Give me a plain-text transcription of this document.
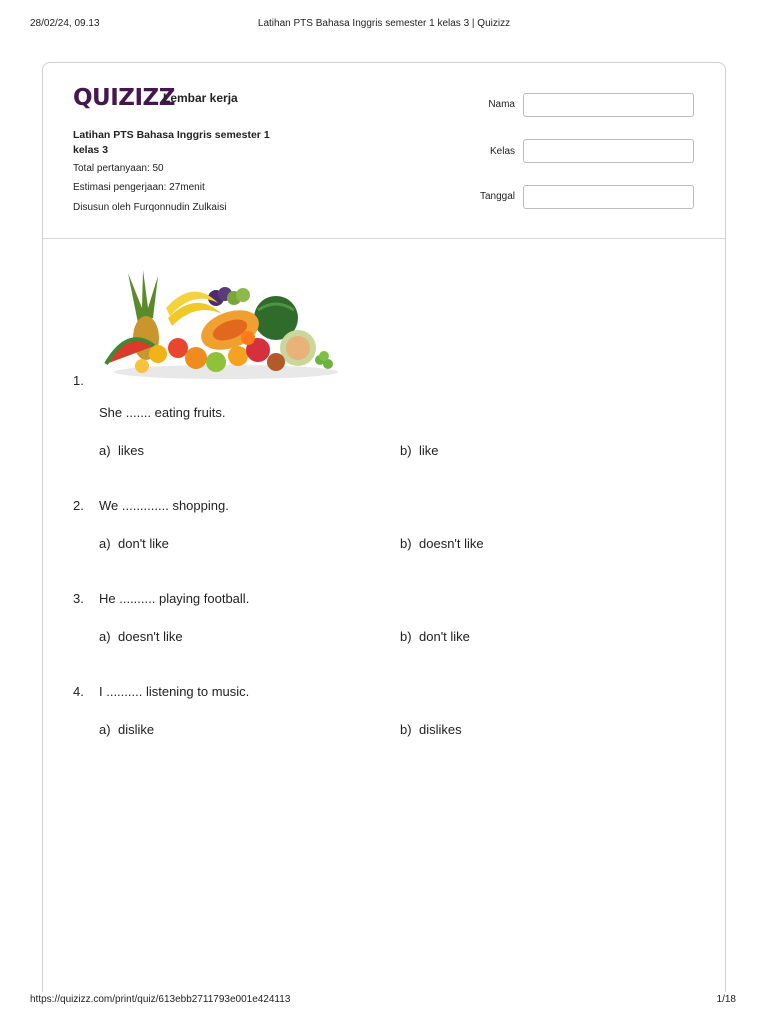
28/02/24, 09.13	Latihan PTS Bahasa Inggris semester 1 kelas 3 | Quizizz
QUIZIZZ
Lembar kerja
Latihan PTS Bahasa Inggris semester 1 kelas 3
Total pertanyaan: 50
Estimasi pengerjaan: 27menit
Disusun oleh Furqonnudin Zulkaisi
Nama
Kelas
Tanggal
1.
She ....... eating fruits.
a) likes	b) like
2. We ............. shopping.
a) don't like	b) doesn't like
3. He .......... playing football.
a) doesn't like	b) don't like
4. I .......... listening to music.
a) dislike	b) dislikes
https://quizizz.com/print/quiz/613ebb2711793e001e424113	1/18
